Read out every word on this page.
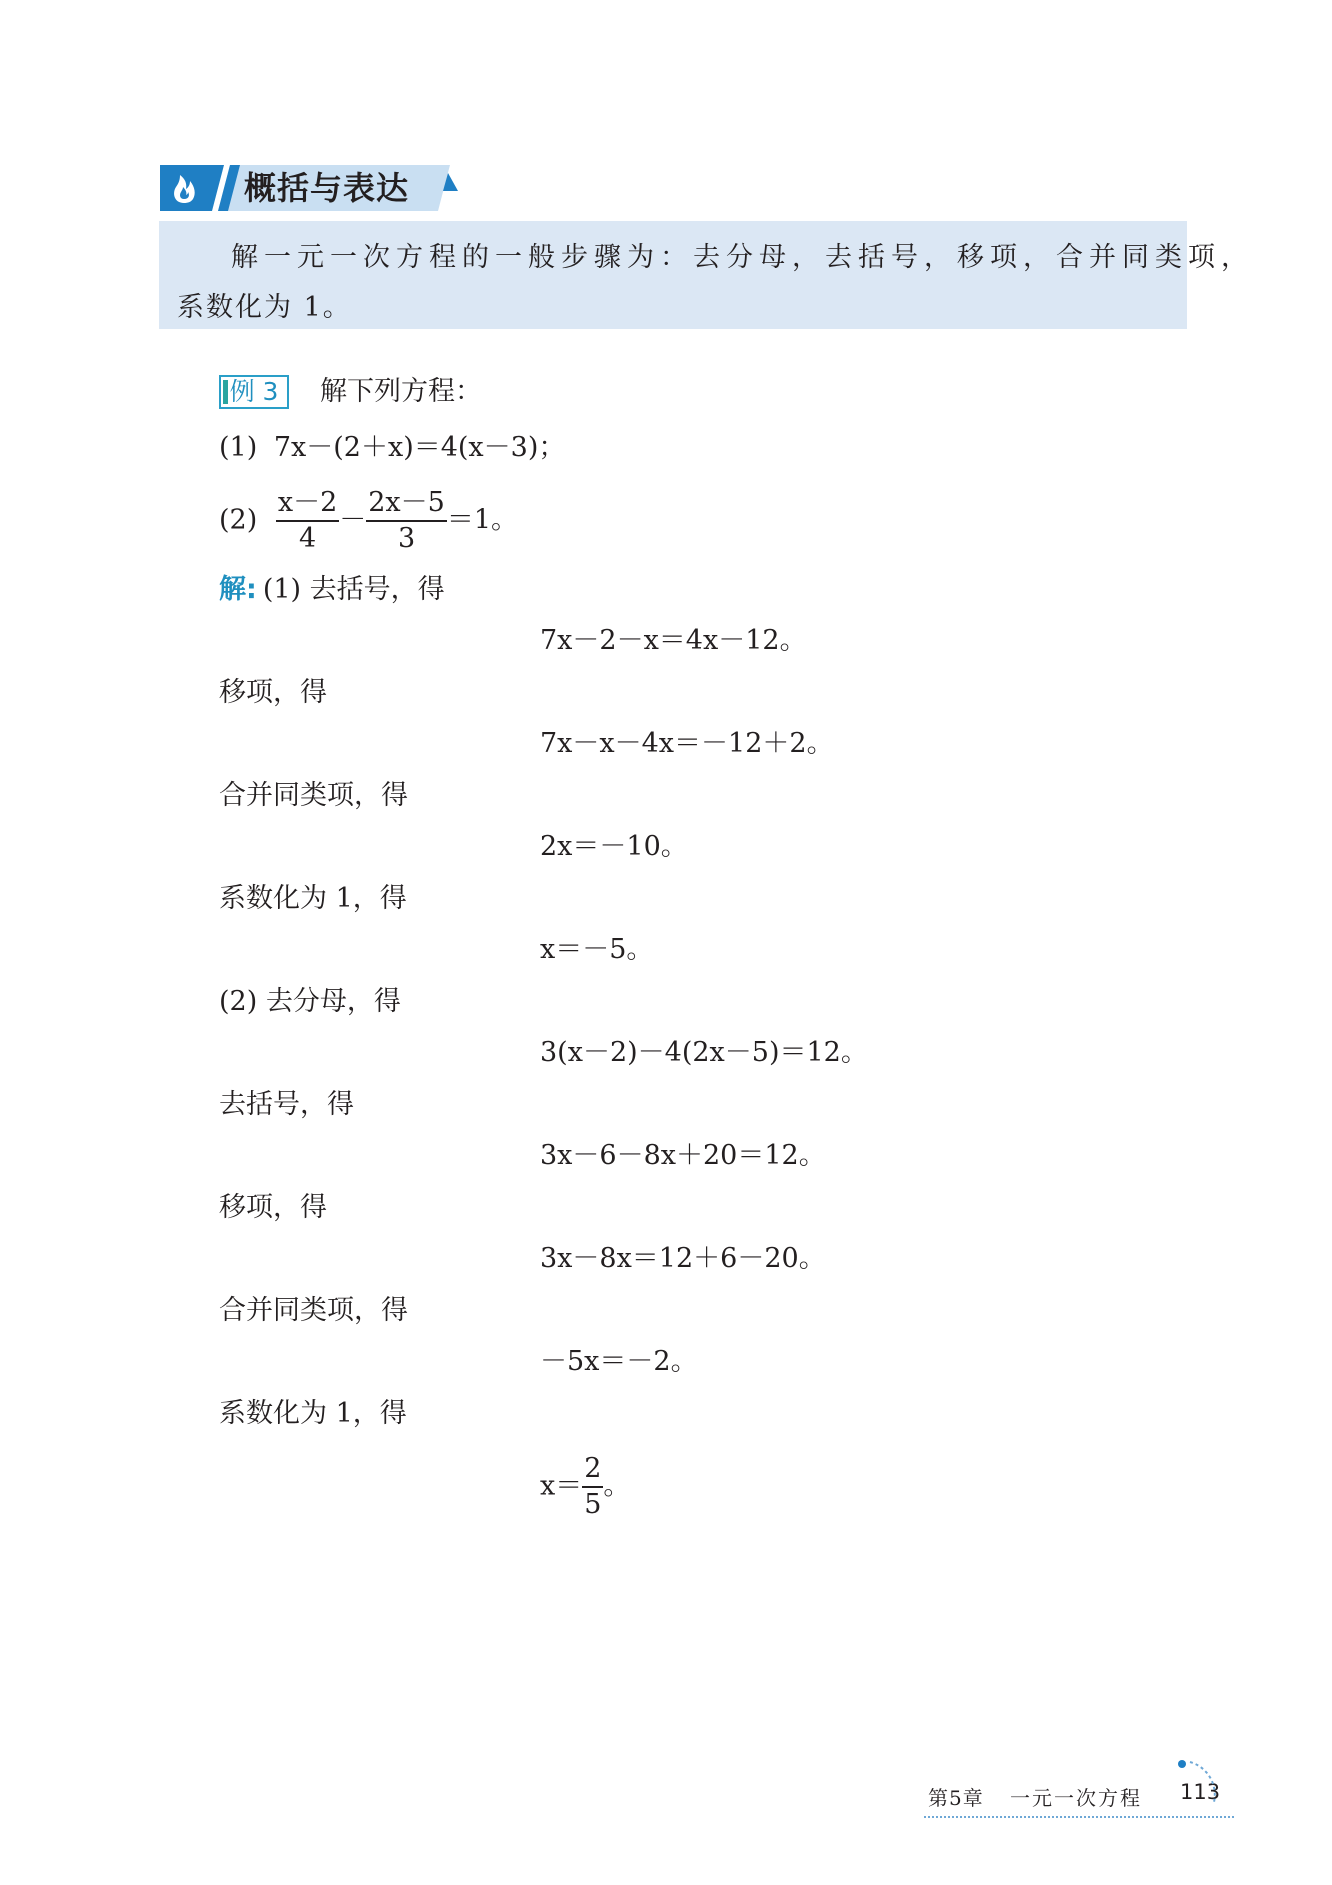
概括与表达
解一元一次方程的一般步骤为：去分母，去括号，移项，合并同类项，
系数化为 1。
例 3	解下列方程：
(1) 7x－(2＋x)＝4(x－3)；
$(2) \frac{x-2}{4} - \frac{2x-5}{3} =1$。
解: (1) 去括号，得
7x－2－x＝4x－12。
移项，得
7x－x－4x＝－12＋2。
合并同类项，得
2x＝－10。
系数化为 1，得
x＝－5。
(2) 去分母，得
3(x－2)－4(2x－5)＝12。
去括号，得
3x－6－8x＋20＝12。
移项，得
3x－8x＝12＋6－20。
合并同类项，得
－5x＝－2。
系数化为 1，得
$x= \frac{2}{5}$ 。
第5章 一元一次方程 113
